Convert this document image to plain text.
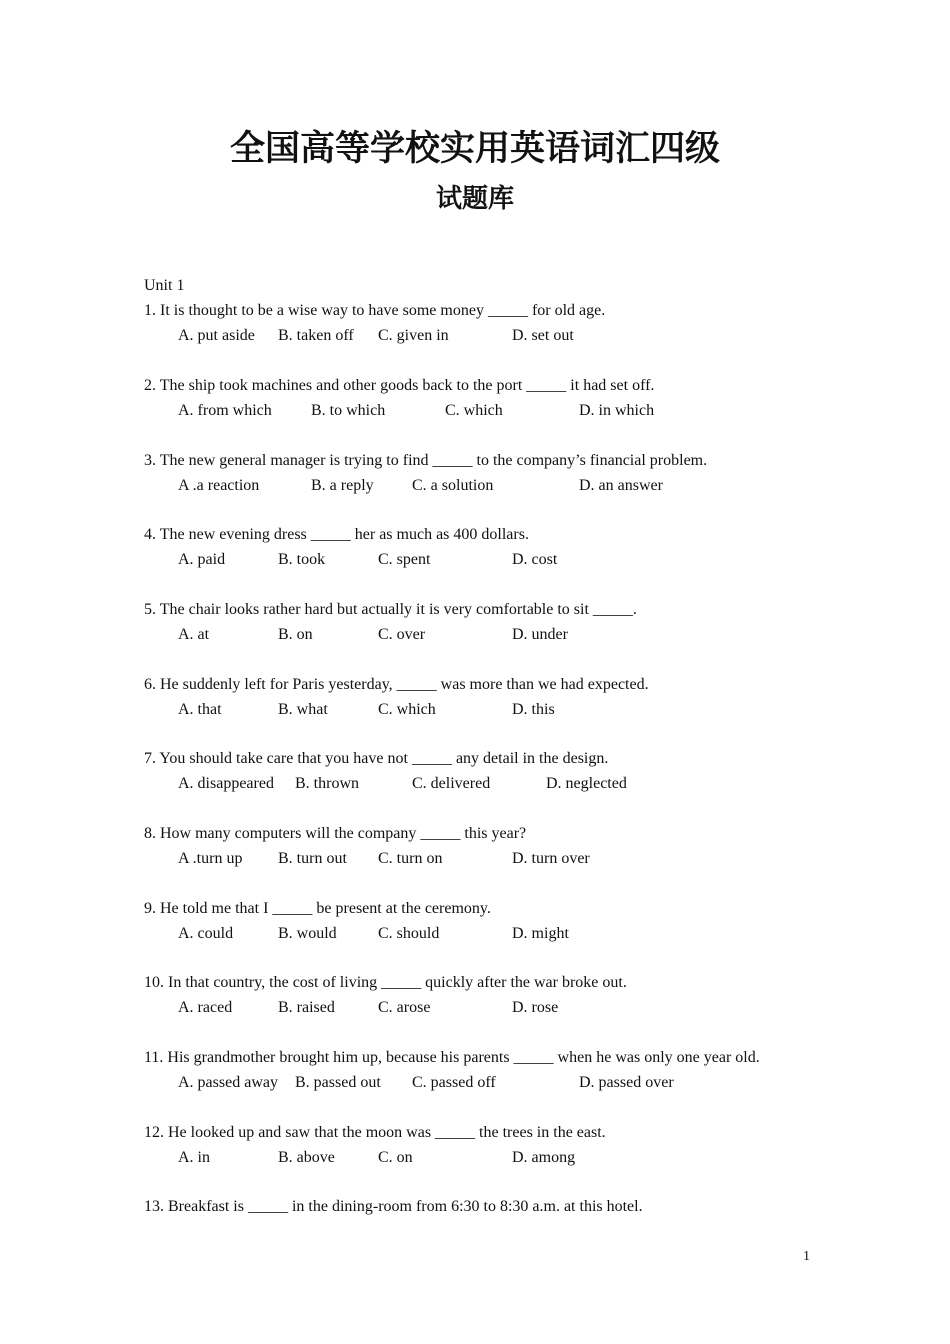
全国高等学校实用英语词汇四级
试题库
Unit 1
1. It is thought to be a wise way to have some money _____ for old age.
A. put aside B. taken off C. given in	D. set out
2. The ship took machines and other goods back to the port _____ it had set off.
A. from which B. to which	C. which	D. in which
3. The new general manager is trying to find _____ to the company’s financial problem.
A .a reaction	B. a reply C. a solution	D. an answer
4. The new evening dress _____ her as much as 400 dollars.
A. paid	B. took	C. spent	D. cost
5. The chair looks rather hard but actually it is very comfortable to sit _____.
A. at	B. on	C. over	D. under
6. He suddenly left for Paris yesterday, _____ was more than we had expected.
A. that	B. what	C. which	D. this
7. You should take care that you have not _____ any detail in the design.
A. disappeared B. thrown	C. delivered	D. neglected
8. How many computers will the company _____ this year?
A .turn up B. turn out C. turn on	D. turn over
9. He told me that I _____ be present at the ceremony.
A. could	B. would	C. should	D. might
10. In that country, the cost of living _____ quickly after the war broke out.
A. raced	B. raised	C. arose	D. rose
11. His grandmother brought him up, because his parents _____ when he was only one year old.
A. passed away B. passed out C. passed off	D. passed over
12. He looked up and saw that the moon was _____ the trees in the east.
A. in	B. above	C. on	D. among
13. Breakfast is _____ in the dining-room from 6:30 to 8:30 a.m. at this hotel.
1
